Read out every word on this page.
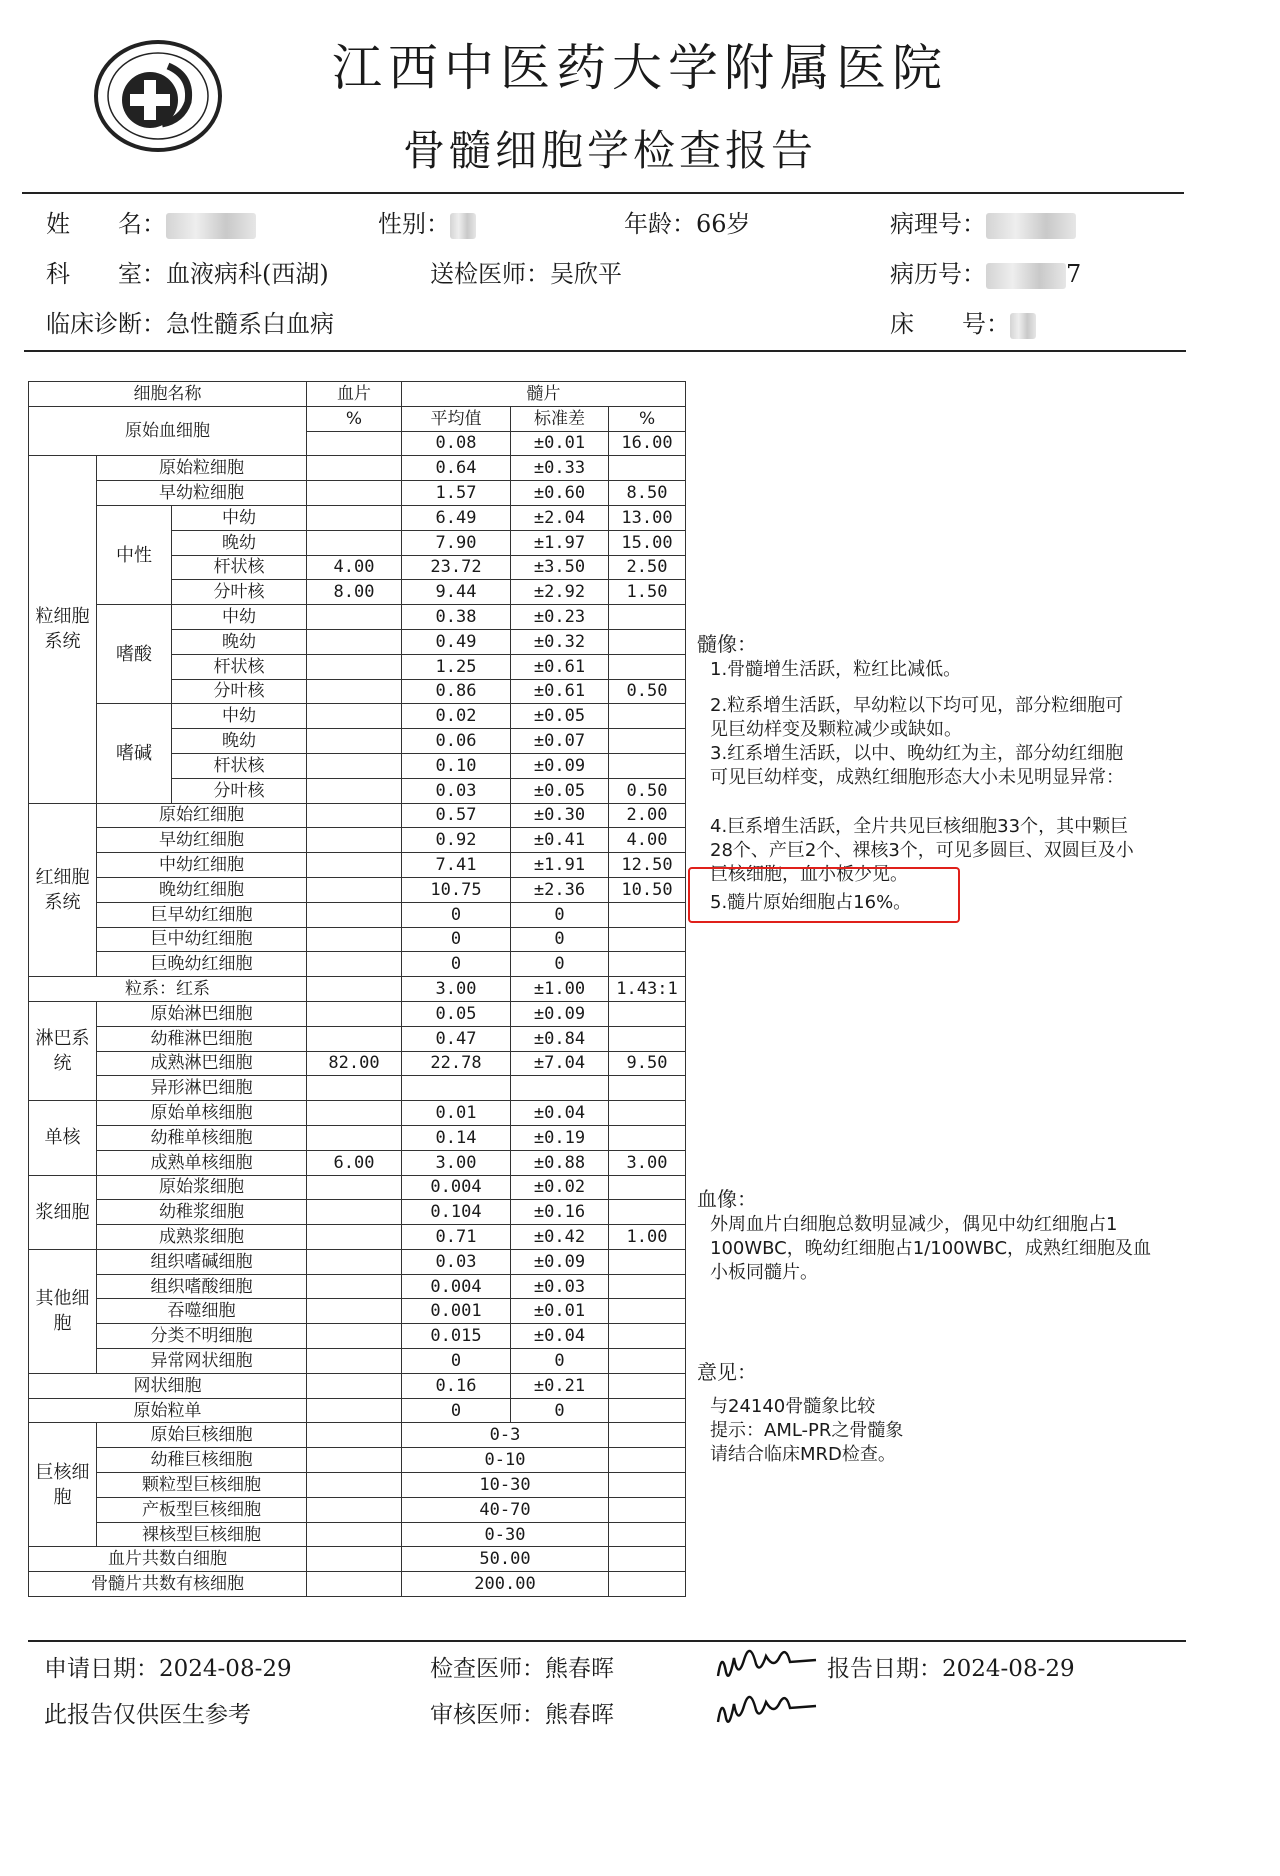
江西中医药大学附属医院
骨髓细胞学检查报告
姓　　名：	性别：	年龄：66岁	病理号：
科　　室：血液病科(西湖)	送检医师：吴欣平	病历号：	7
临床诊断：急性髓系白血病	床　　号：
细胞名称			血片	髓片		
原始血细胞			%	平均值	标准差	%
				0.08	±0.01	16.00
粒细胞系统	原始粒细胞			0.64	±0.33	
	早幼粒细胞			1.57	±0.60	8.50
	中性	中幼		6.49	±2.04	13.00
		晚幼		7.90	±1.97	15.00
		杆状核	4.00	23.72	±3.50	2.50
		分叶核	8.00	9.44	±2.92	1.50
	嗜酸	中幼		0.38	±0.23	
		晚幼		0.49	±0.32	
		杆状核		1.25	±0.61	
		分叶核		0.86	±0.61	0.50
	嗜碱	中幼		0.02	±0.05	
		晚幼		0.06	±0.07	
		杆状核		0.10	±0.09	
		分叶核		0.03	±0.05	0.50
红细胞系统	原始红细胞			0.57	±0.30	2.00
	早幼红细胞			0.92	±0.41	4.00
	中幼红细胞			7.41	±1.91	12.50
	晚幼红细胞			10.75	±2.36	10.50
	巨早幼红细胞			0	0	
	巨中幼红细胞			0	0	
	巨晚幼红细胞			0	0	
粒系：红系				3.00	±1.00	1.43:1
淋巴系统	原始淋巴细胞			0.05	±0.09	
	幼稚淋巴细胞			0.47	±0.84	
	成熟淋巴细胞		82.00	22.78	±7.04	9.50
	异形淋巴细胞					
单核	原始单核细胞			0.01	±0.04	
	幼稚单核细胞			0.14	±0.19	
	成熟单核细胞		6.00	3.00	±0.88	3.00
浆细胞	原始浆细胞			0.004	±0.02	
	幼稚浆细胞			0.104	±0.16	
	成熟浆细胞			0.71	±0.42	1.00
其他细胞	组织嗜碱细胞			0.03	±0.09	
	组织嗜酸细胞			0.004	±0.03	
	吞噬细胞			0.001	±0.01	
	分类不明细胞			0.015	±0.04	
	异常网状细胞			0	0	
网状细胞				0.16	±0.21	
原始粒单				0	0	
巨核细胞	原始巨核细胞			0-3		
	幼稚巨核细胞			0-10		
	颗粒型巨核细胞			10-30		
	产板型巨核细胞			40-70		
	裸核型巨核细胞			0-30		
血片共数白细胞				50.00		
骨髓片共数有核细胞				200.00		
髓像：
1.骨髓增生活跃，粒红比减低。
2.粒系增生活跃，早幼粒以下均可见，部分粒细胞可
见巨幼样变及颗粒减少或缺如。
3.红系增生活跃，以中、晚幼红为主，部分幼红细胞
可见巨幼样变，成熟红细胞形态大小未见明显异常：
4.巨系增生活跃，全片共见巨核细胞33个，其中颗巨
28个、产巨2个、裸核3个，可见多圆巨、双圆巨及小
巨核细胞，血小板少见。
5.髓片原始细胞占16%。
血像：
外周血片白细胞总数明显减少，偶见中幼红细胞占1
100WBC，晚幼红细胞占1/100WBC，成熟红细胞及血
小板同髓片。
意见：
与24140骨髓象比较
提示：AML-PR之骨髓象
请结合临床MRD检查。
申请日期：2024-08-29	检查医师：熊春晖	报告日期：2024-08-29
此报告仅供医生参考	审核医师：熊春晖
